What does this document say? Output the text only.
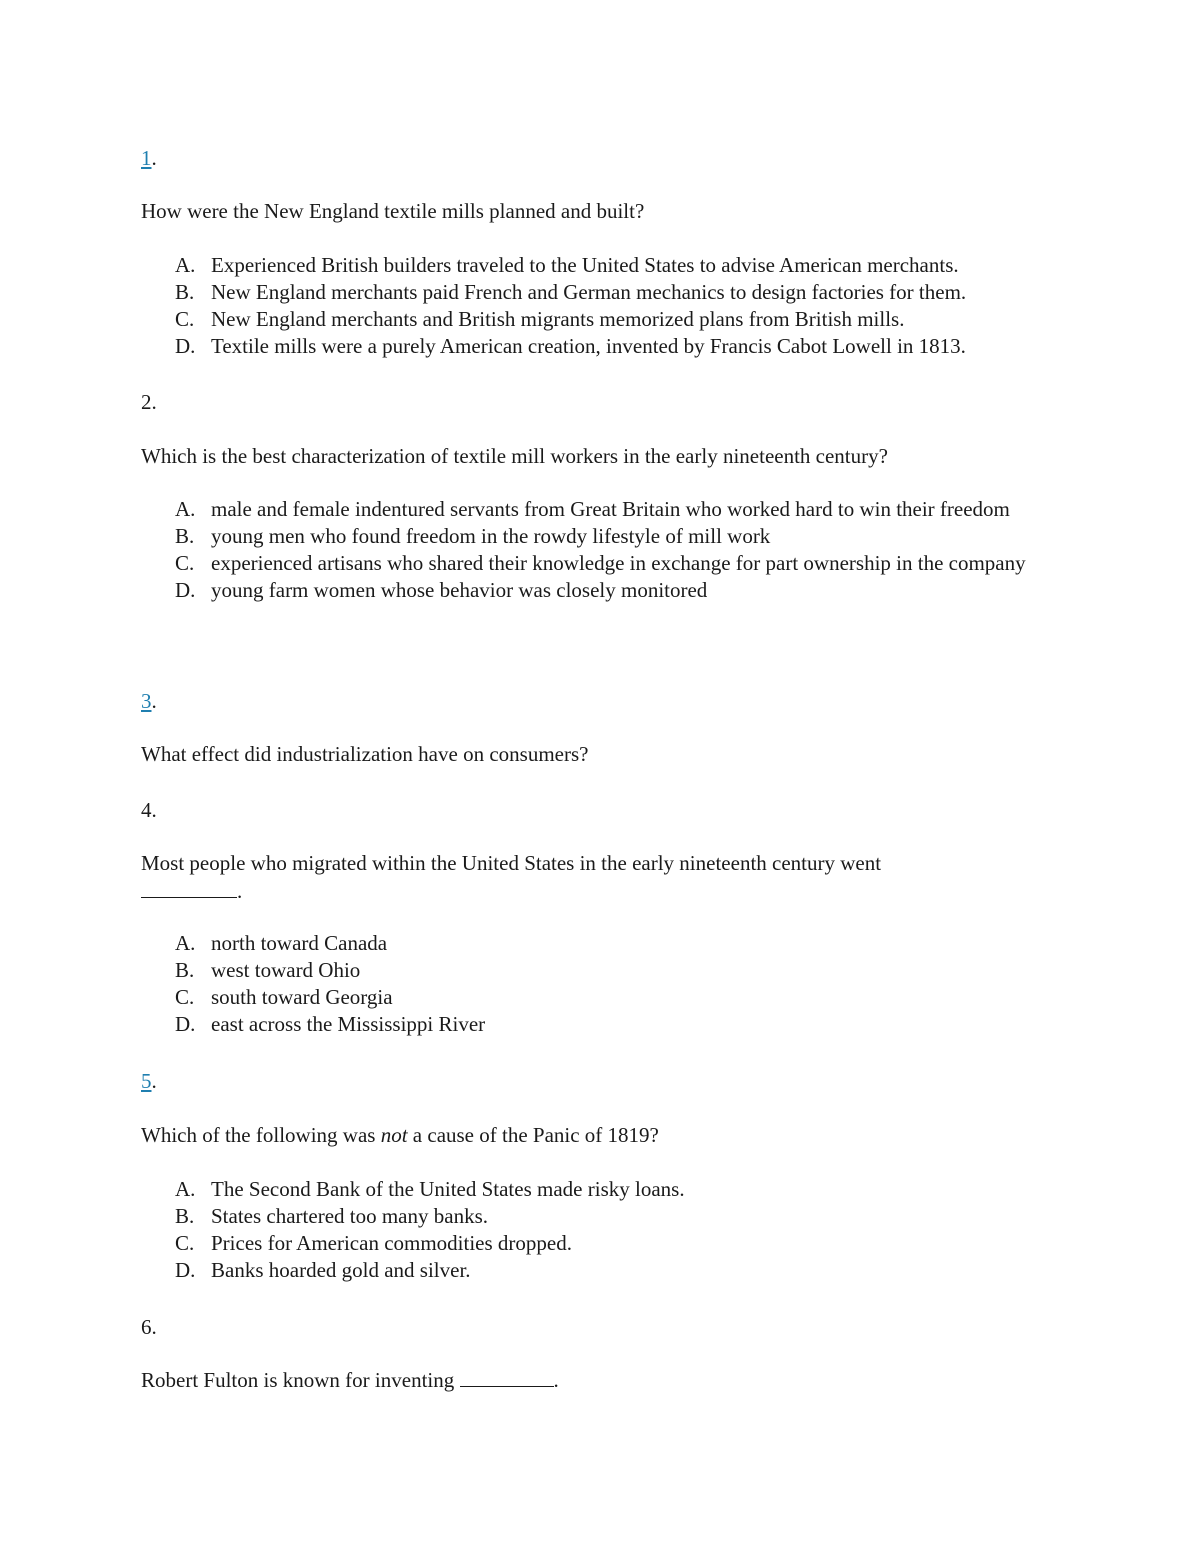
1.
How were the New England textile mills planned and built?
A. Experienced British builders traveled to the United States to advise American merchants.
B. New England merchants paid French and German mechanics to design factories for them.
C. New England merchants and British migrants memorized plans from British mills.
D. Textile mills were a purely American creation, invented by Francis Cabot Lowell in 1813.
2.
Which is the best characterization of textile mill workers in the early nineteenth century?
A. male and female indentured servants from Great Britain who worked hard to win their freedom
B. young men who found freedom in the rowdy lifestyle of mill work
C. experienced artisans who shared their knowledge in exchange for part ownership in the company
D. young farm women whose behavior was closely monitored
3.
What effect did industrialization have on consumers?
4.
Most people who migrated within the United States in the early nineteenth century went
.
A. north toward Canada
B. west toward Ohio
C. south toward Georgia
D. east across the Mississippi River
5.
Which of the following was not a cause of the Panic of 1819?
A. The Second Bank of the United States made risky loans.
B. States chartered too many banks.
C. Prices for American commodities dropped.
D. Banks hoarded gold and silver.
6.
Robert Fulton is known for inventing	.
